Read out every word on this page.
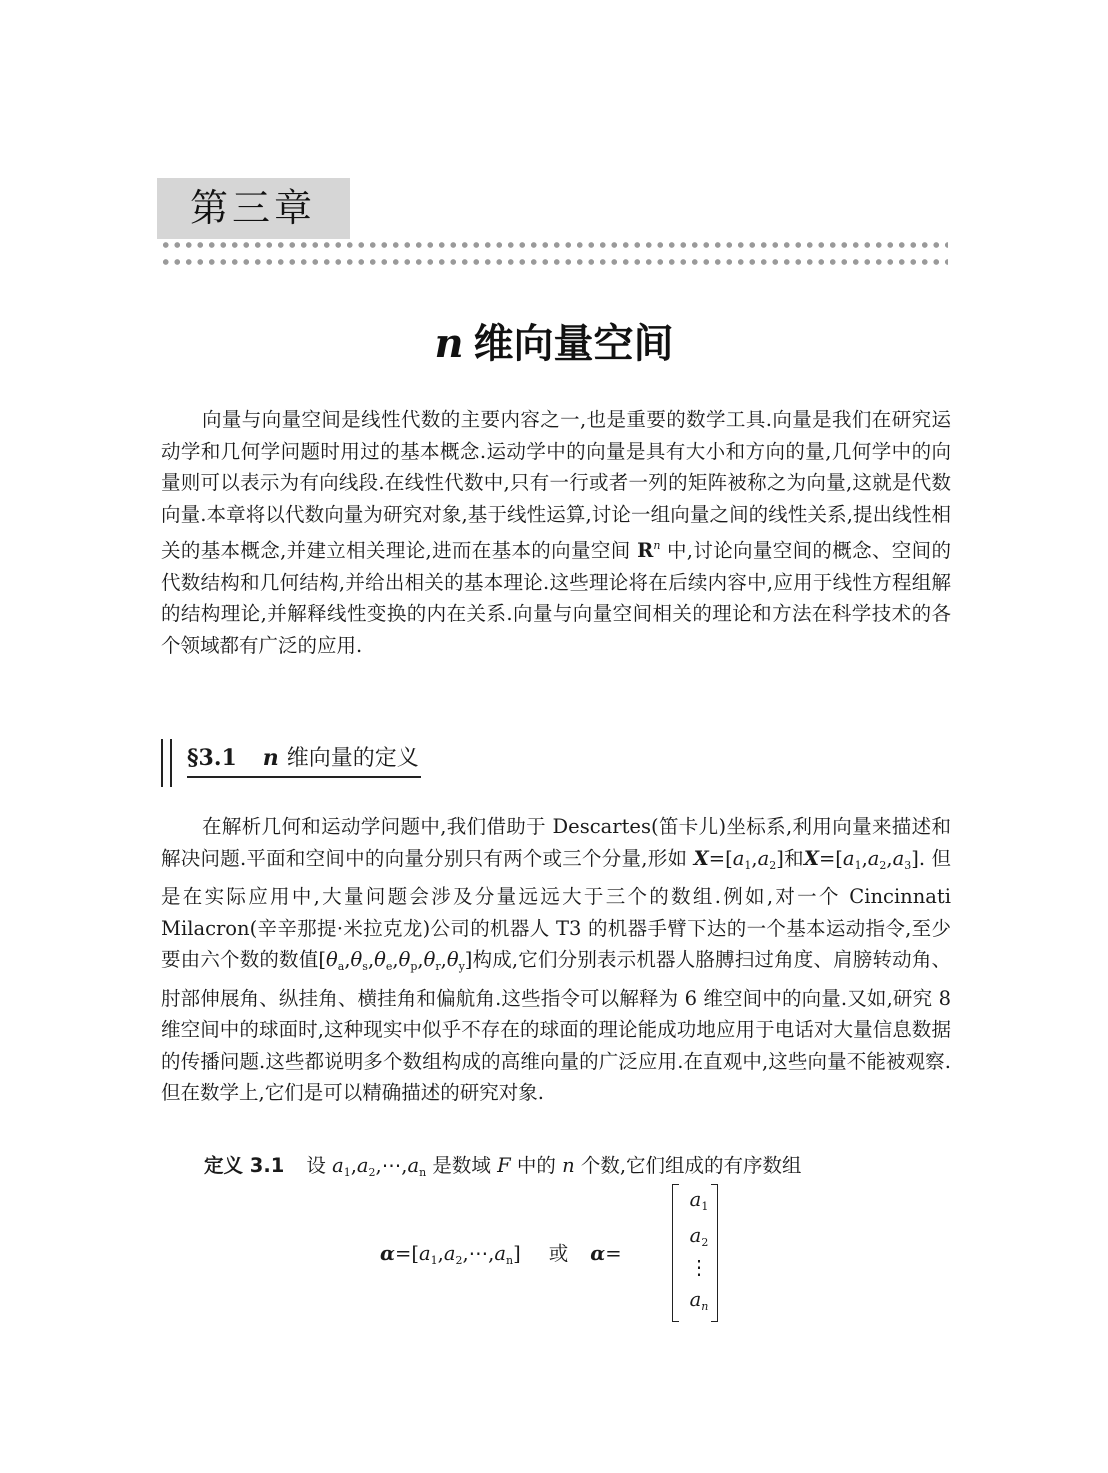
第三章
n 维向量空间

向量与向量空间是线性代数的主要内容之一,也是重要的数学工具.向量是我们在研究运动学和几何学问题时用过的基本概念.运动学中的向量是具有大小和方向的量,几何学中的向量则可以表示为有向线段.在线性代数中,只有一行或者一列的矩阵被称之为向量,这就是代数向量.本章将以代数向量为研究对象,基于线性运算,讨论一组向量之间的线性关系,提出线性相关的基本概念,并建立相关理论,进而在基本的向量空间 $R^n$ 中,讨论向量空间的概念、空间的代数结构和几何结构,并给出相关的基本理论.这些理论将在后续内容中,应用于线性方程组解的结构理论,并解释线性变换的内在关系.向量与向量空间相关的理论和方法在科学技术的各个领域都有广泛的应用.

§3.1 n 维向量的定义

在解析几何和运动学问题中,我们借助于 Descartes(笛卡儿)坐标系,利用向量来描述和解决问题.平面和空间中的向量分别只有两个或三个分量,形如 $X=[a_1,a_2]$和$X=[a_1,a_2,a_3]$. 但是在实际应用中,大量问题会涉及分量远远大于三个的数组.例如,对一个 Cincinnati Milacron(辛辛那提·米拉克龙)公司的机器人 T3 的机器手臂下达的一个基本运动指令,至少要由六个数的数值$[\theta_a,\theta_s,\theta_e,\theta_p,\theta_r,\theta_y]$构成,它们分别表示机器人胳膊扫过角度、肩膀转动角、肘部伸展角、纵挂角、横挂角和偏航角.这些指令可以解释为 6 维空间中的向量.又如,研究 8 维空间中的球面时,这种现实中似乎不存在的球面的理论能成功地应用于电话对大量信息数据的传播问题.这些都说明多个数组构成的高维向量的广泛应用.在直观中,这些向量不能被观察.但在数学上,它们是可以精确描述的研究对象.

定义 3.1 设 $a_1,a_2,\cdots,a_n$ 是数域 F 中的 n 个数,它们组成的有序数组
$\alpha=[a_1,a_2,\cdots,a_n]$ 或 α=
$a_1$
$a_2$
⋮
$a_n$
